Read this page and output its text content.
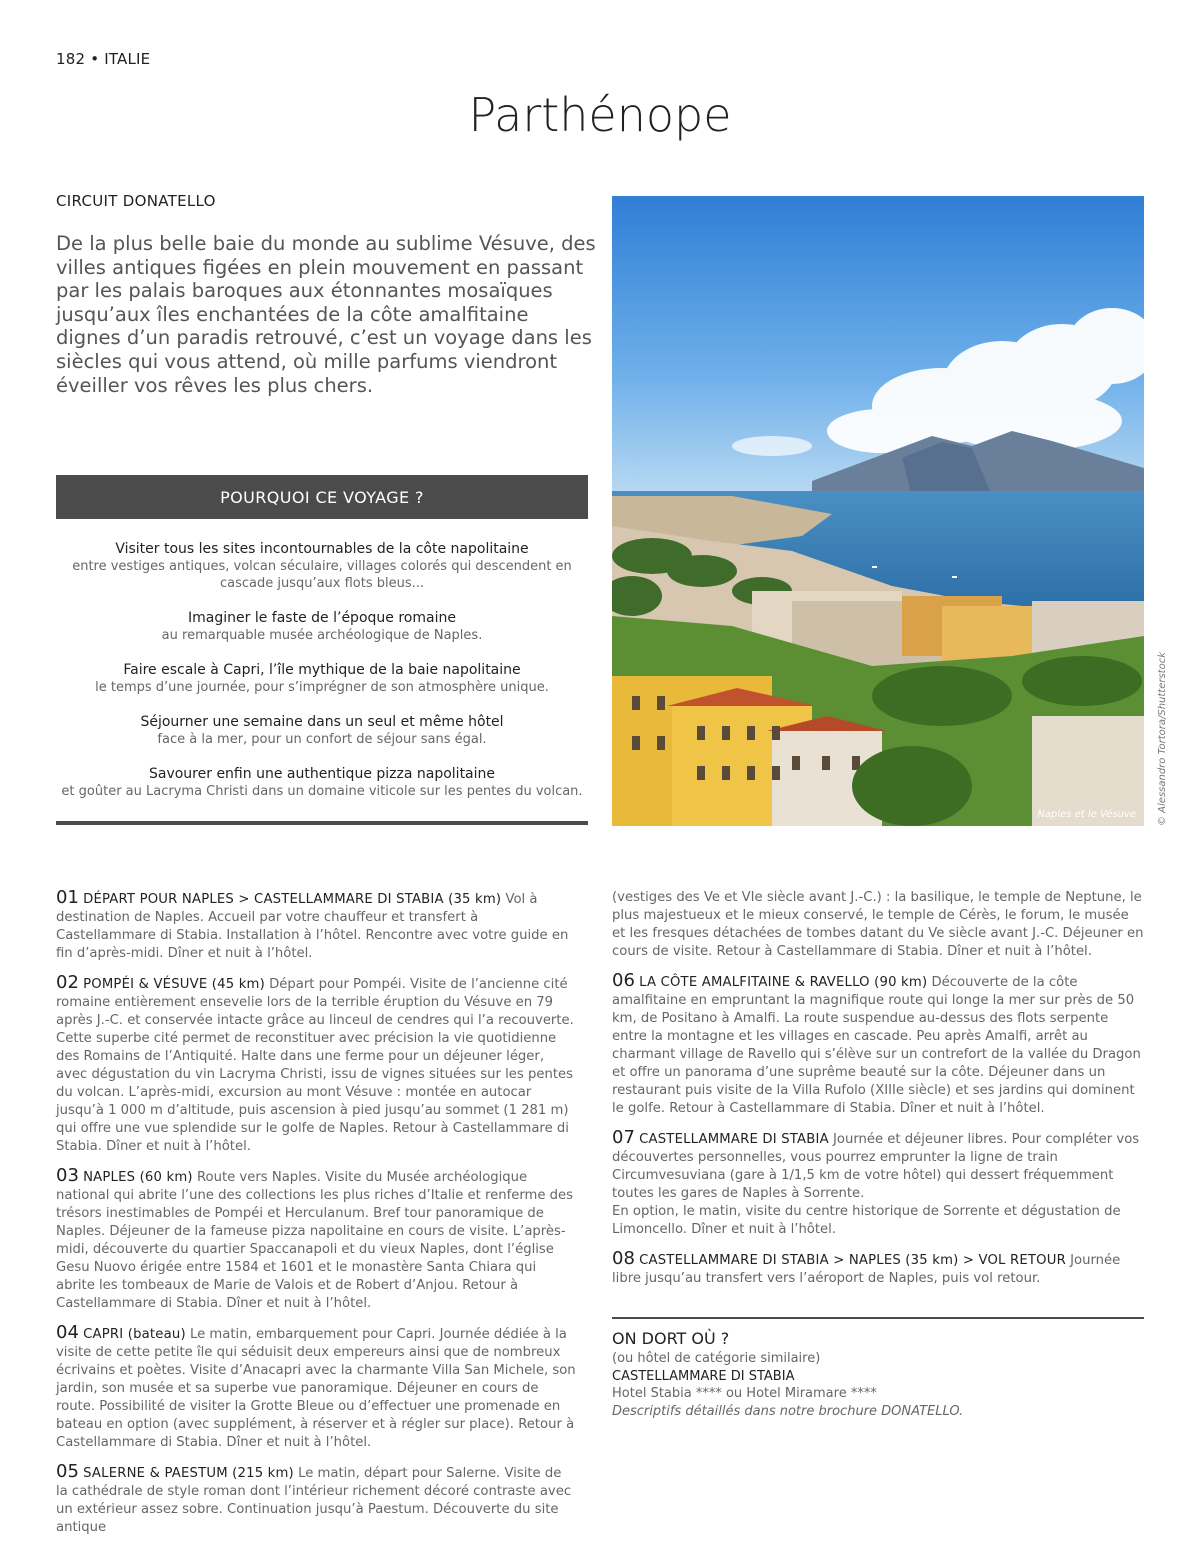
182 • ITALIE
Parthénope
CIRCUIT DONATELLO
De la plus belle baie du monde au sublime Vésuve, des villes antiques figées en plein mouvement en passant par les palais baroques aux étonnantes mosaïques jusqu’aux îles enchantées de la côte amalfitaine dignes d’un paradis retrouvé, c’est un voyage dans les siècles qui vous attend, où mille parfums viendront éveiller vos rêves les plus chers.
POURQUOI CE VOYAGE ?
Visiter tous les sites incontournables de la côte napolitaine
entre vestiges antiques, volcan séculaire, villages colorés qui descendent en cascade jusqu’aux flots bleus...
Imaginer le faste de l’époque romaine
au remarquable musée archéologique de Naples.
Faire escale à Capri, l’île mythique de la baie napolitaine
le temps d’une journée, pour s’imprégner de son atmosphère unique.
Séjourner une semaine dans un seul et même hôtel
face à la mer, pour un confort de séjour sans égal.
Savourer enfin une authentique pizza napolitaine
et goûter au Lacryma Christi dans un domaine viticole sur les pentes du volcan.
Naples et le Vésuve © Alessandro Tortora/Shutterstock
01 DÉPART POUR NAPLES > CASTELLAMMARE DI STABIA (35 km) Vol à destination de Naples. Accueil par votre chauffeur et transfert à Castellammare di Stabia. Installation à l’hôtel. Rencontre avec votre guide en fin d’après-midi. Dîner et nuit à l’hôtel.
02 POMPÉI & VÉSUVE (45 km) Départ pour Pompéi. Visite de l’ancienne cité romaine entièrement ensevelie lors de la terrible éruption du Vésuve en 79 après J.-C. et conservée intacte grâce au linceul de cendres qui l’a recouverte. Cette superbe cité permet de reconstituer avec précision la vie quotidienne des Romains de l’Antiquité. Halte dans une ferme pour un déjeuner léger, avec dégustation du vin Lacryma Christi, issu de vignes situées sur les pentes du volcan. L’après-midi, excursion au mont Vésuve : montée en autocar jusqu’à 1 000 m d’altitude, puis ascension à pied jusqu’au sommet (1 281 m) qui offre une vue splendide sur le golfe de Naples. Retour à Castellammare di Stabia. Dîner et nuit à l’hôtel.
03 NAPLES (60 km) Route vers Naples. Visite du Musée archéologique national qui abrite l’une des collections les plus riches d’Italie et renferme des trésors inestimables de Pompéi et Herculanum. Bref tour panoramique de Naples. Déjeuner de la fameuse pizza napolitaine en cours de visite. L’après-midi, découverte du quartier Spaccanapoli et du vieux Naples, dont l’église Gesu Nuovo érigée entre 1584 et 1601 et le monastère Santa Chiara qui abrite les tombeaux de Marie de Valois et de Robert d’Anjou. Retour à Castellammare di Stabia. Dîner et nuit à l’hôtel.
04 CAPRI (bateau) Le matin, embarquement pour Capri. Journée dédiée à la visite de cette petite île qui séduisit deux empereurs ainsi que de nombreux écrivains et poètes. Visite d’Anacapri avec la charmante Villa San Michele, son jardin, son musée et sa superbe vue panoramique. Déjeuner en cours de route. Possibilité de visiter la Grotte Bleue ou d’effectuer une promenade en bateau en option (avec supplément, à réserver et à régler sur place). Retour à Castellammare di Stabia. Dîner et nuit à l’hôtel.
05 SALERNE & PAESTUM (215 km) Le matin, départ pour Salerne. Visite de la cathédrale de style roman dont l’intérieur richement décoré contraste avec un extérieur assez sobre. Continuation jusqu’à Paestum. Découverte du site antique
(vestiges des Ve et VIe siècle avant J.-C.) : la basilique, le temple de Neptune, le plus majestueux et le mieux conservé, le temple de Cérès, le forum, le musée et les fresques détachées de tombes datant du Ve siècle avant J.-C. Déjeuner en cours de visite. Retour à Castellammare di Stabia. Dîner et nuit à l’hôtel.
06 LA CÔTE AMALFITAINE & RAVELLO (90 km) Découverte de la côte amalfitaine en empruntant la magnifique route qui longe la mer sur près de 50 km, de Positano à Amalfi. La route suspendue au-dessus des flots serpente entre la montagne et les villages en cascade. Peu après Amalfi, arrêt au charmant village de Ravello qui s’élève sur un contrefort de la vallée du Dragon et offre un panorama d’une suprême beauté sur la côte. Déjeuner dans un restaurant puis visite de la Villa Rufolo (XIIIe siècle) et ses jardins qui dominent le golfe. Retour à Castellammare di Stabia. Dîner et nuit à l’hôtel.
07 CASTELLAMMARE DI STABIA Journée et déjeuner libres. Pour compléter vos découvertes personnelles, vous pourrez emprunter la ligne de train Circumvesuviana (gare à 1/1,5 km de votre hôtel) qui dessert fréquemment toutes les gares de Naples à Sorrente.
En option, le matin, visite du centre historique de Sorrente et dégustation de Limoncello. Dîner et nuit à l’hôtel.
08 CASTELLAMMARE DI STABIA > NAPLES (35 km) > VOL RETOUR Journée libre jusqu’au transfert vers l’aéroport de Naples, puis vol retour.
ON DORT OÙ ?
(ou hôtel de catégorie similaire)
CASTELLAMMARE DI STABIA
Hotel Stabia **** ou Hotel Miramare ****
Descriptifs détaillés dans notre brochure DONATELLO.
